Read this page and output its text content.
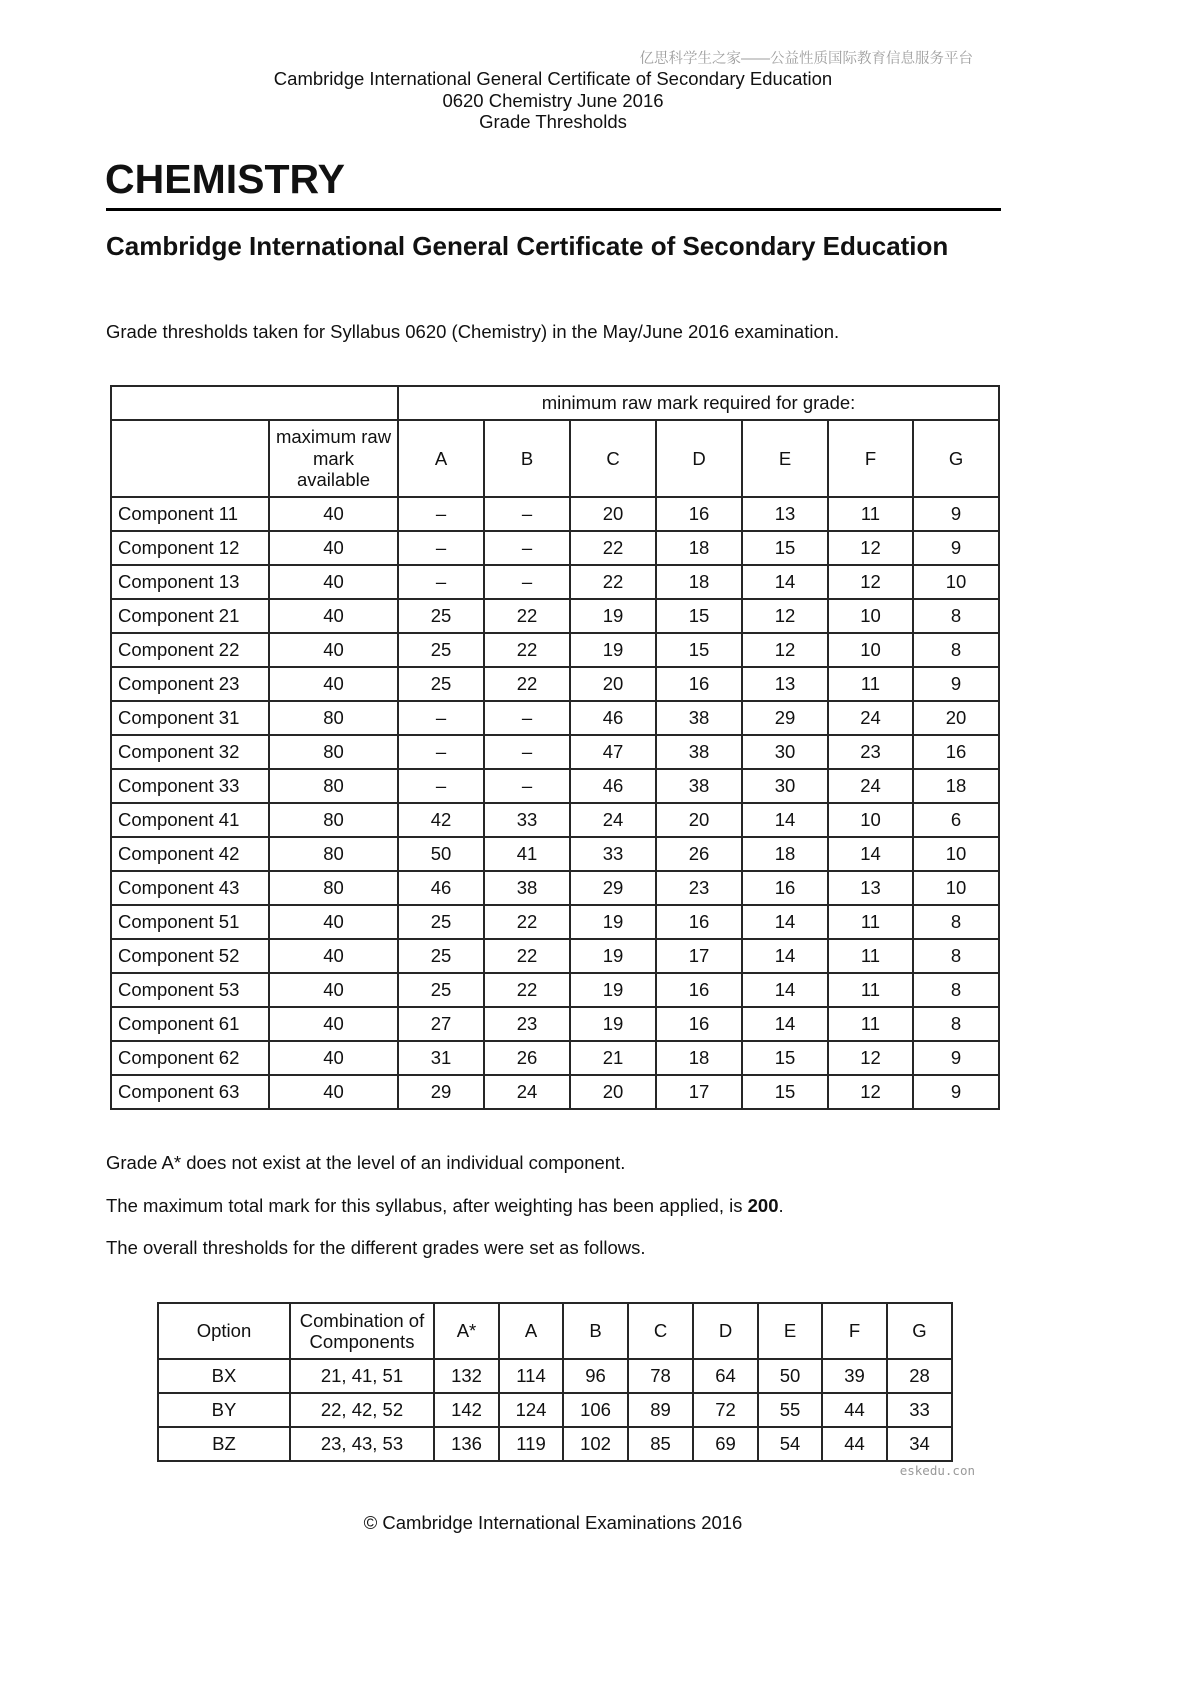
亿思科学生之家——公益性质国际教育信息服务平台
Cambridge International General Certificate of Secondary Education
0620 Chemistry June 2016
Grade Thresholds
CHEMISTRY
Cambridge International General Certificate of Secondary Education

Grade thresholds taken for Syllabus 0620 (Chemistry) in the May/June 2016 examination.

		minimum raw mark required for grade:						
	maximum raw
mark
available	A	B	C	D	E	F	G
Component 11	40	–	–	20	16	13	11	9
Component 12	40	–	–	22	18	15	12	9
Component 13	40	–	–	22	18	14	12	10
Component 21	40	25	22	19	15	12	10	8
Component 22	40	25	22	19	15	12	10	8
Component 23	40	25	22	20	16	13	11	9
Component 31	80	–	–	46	38	29	24	20
Component 32	80	–	–	47	38	30	23	16
Component 33	80	–	–	46	38	30	24	18
Component 41	80	42	33	24	20	14	10	6
Component 42	80	50	41	33	26	18	14	10
Component 43	80	46	38	29	23	16	13	10
Component 51	40	25	22	19	16	14	11	8
Component 52	40	25	22	19	17	14	11	8
Component 53	40	25	22	19	16	14	11	8
Component 61	40	27	23	19	16	14	11	8
Component 62	40	31	26	21	18	15	12	9
Component 63	40	29	24	20	17	15	12	9

Grade A* does not exist at the level of an individual component.

The maximum total mark for this syllabus, after weighting has been applied, is 200.

The overall thresholds for the different grades were set as follows.

Option	Combination of
Components	A*	A	B	C	D	E	F	G
BX	21, 41, 51	132	114	96	78	64	50	39	28
BY	22, 42, 52	142	124	106	89	72	55	44	33
BZ	23, 43, 53	136	119	102	85	69	54	44	34
eskedu.con
© Cambridge International Examinations 2016
